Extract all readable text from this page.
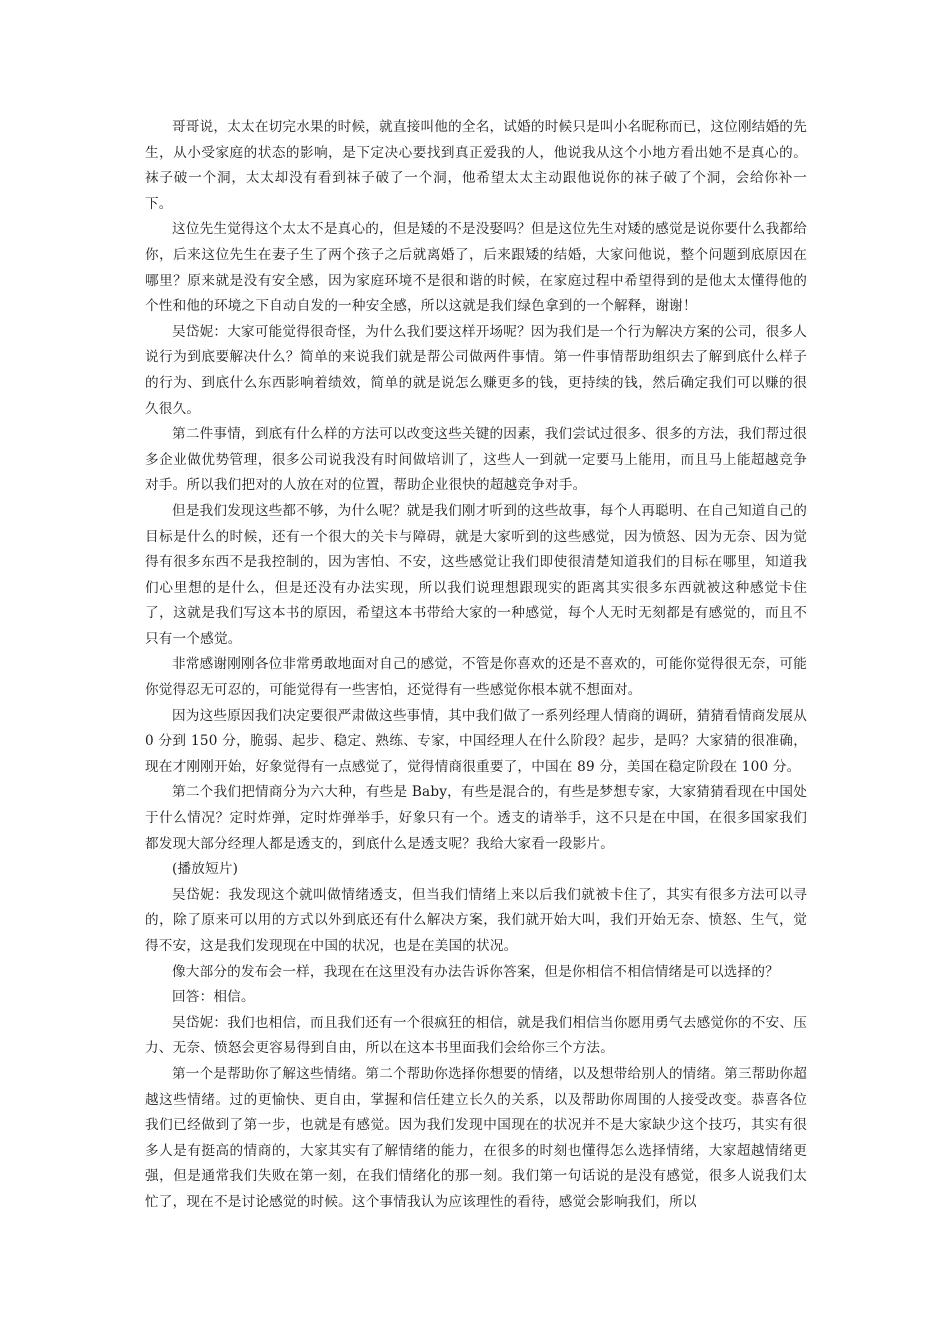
哥哥说，太太在切完水果的时候，就直接叫他的全名，试婚的时候只是叫小名昵称而已，这位刚结婚的先生，从小受家庭的状态的影响，是下定决心要找到真正爱我的人，他说我从这个小地方看出她不是真心的。袜子破一个洞，太太却没有看到袜子破了一个洞，他希望太太主动跟他说你的袜子破了个洞，会给你补一下。

这位先生觉得这个太太不是真心的，但是矮的不是没娶吗？但是这位先生对矮的感觉是说你要什么我都给你，后来这位先生在妻子生了两个孩子之后就离婚了，后来跟矮的结婚，大家问他说，整个问题到底原因在哪里？原来就是没有安全感，因为家庭环境不是很和谐的时候，在家庭过程中希望得到的是他太太懂得他的个性和他的环境之下自动自发的一种安全感，所以这就是我们绿色拿到的一个解释，谢谢！

吴岱妮：大家可能觉得很奇怪，为什么我们要这样开场呢？因为我们是一个行为解决方案的公司，很多人说行为到底要解决什么？简单的来说我们就是帮公司做两件事情。第一件事情帮助组织去了解到底什么样子的行为、到底什么东西影响着绩效，简单的就是说怎么赚更多的钱，更持续的钱，然后确定我们可以赚的很久很久。

第二件事情，到底有什么样的方法可以改变这些关键的因素，我们尝试过很多、很多的方法，我们帮过很多企业做优势管理，很多公司说我没有时间做培训了，这些人一到就一定要马上能用，而且马上能超越竞争对手。所以我们把对的人放在对的位置，帮助企业很快的超越竞争对手。

但是我们发现这些都不够，为什么呢？就是我们刚才听到的这些故事，每个人再聪明、在自己知道自己的目标是什么的时候，还有一个很大的关卡与障碍，就是大家听到的这些感觉，因为愤怒、因为无奈、因为觉得有很多东西不是我控制的，因为害怕、不安，这些感觉让我们即使很清楚知道我们的目标在哪里，知道我们心里想的是什么，但是还没有办法实现，所以我们说理想跟现实的距离其实很多东西就被这种感觉卡住了，这就是我们写这本书的原因，希望这本书带给大家的一种感觉，每个人无时无刻都是有感觉的，而且不只有一个感觉。

非常感谢刚刚各位非常勇敢地面对自己的感觉，不管是你喜欢的还是不喜欢的，可能你觉得很无奈，可能你觉得忍无可忍的，可能觉得有一些害怕，还觉得有一些感觉你根本就不想面对。

因为这些原因我们决定要很严肃做这些事情，其中我们做了一系列经理人情商的调研，猜猜看情商发展从 0 分到 150 分，脆弱、起步、稳定、熟练、专家，中国经理人在什么阶段？起步，是吗？大家猜的很准确，现在才刚刚开始，好象觉得有一点感觉了，觉得情商很重要了，中国在 89 分，美国在稳定阶段在 100 分。

第二个我们把情商分为六大种，有些是 Baby，有些是混合的，有些是梦想专家，大家猜猜看现在中国处于什么情况？定时炸弹，定时炸弹举手，好象只有一个。透支的请举手，这不只是在中国，在很多国家我们都发现大部分经理人都是透支的，到底什么是透支呢？我给大家看一段影片。

(播放短片)

吴岱妮：我发现这个就叫做情绪透支，但当我们情绪上来以后我们就被卡住了，其实有很多方法可以寻的，除了原来可以用的方式以外到底还有什么解决方案，我们就开始大叫，我们开始无奈、愤怒、生气，觉得不安，这是我们发现现在中国的状况，也是在美国的状况。

像大部分的发布会一样，我现在在这里没有办法告诉你答案，但是你相信不相信情绪是可以选择的？

回答：相信。

吴岱妮：我们也相信，而且我们还有一个很疯狂的相信，就是我们相信当你愿用勇气去感觉你的不安、压力、无奈、愤怒会更容易得到自由，所以在这本书里面我们会给你三个方法。

第一个是帮助你了解这些情绪。第二个帮助你选择你想要的情绪，以及想带给别人的情绪。第三帮助你超越这些情绪。过的更愉快、更自由，掌握和信任建立长久的关系，以及帮助你周围的人接受改变。恭喜各位我们已经做到了第一步，也就是有感觉。因为我们发现中国现在的状况并不是大家缺少这个技巧，其实有很多人是有挺高的情商的，大家其实有了解情绪的能力，在很多的时刻也懂得怎么选择情绪，大家超越情绪更强，但是通常我们失败在第一刻，在我们情绪化的那一刻。我们第一句话说的是没有感觉，很多人说我们太忙了，现在不是讨论感觉的时候。这个事情我认为应该理性的看待，感觉会影响我们，所以
